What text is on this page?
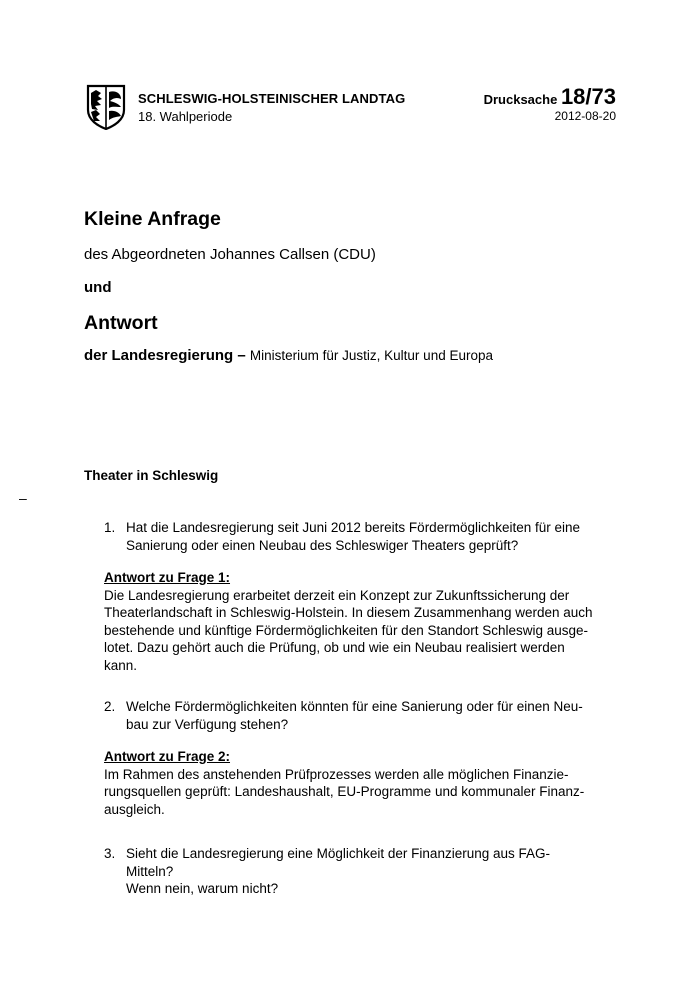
SCHLESWIG-HOLSTEINISCHER LANDTAG
18. Wahlperiode
Drucksache 18/73
2012-08-20
Kleine Anfrage
des Abgeordneten Johannes Callsen (CDU)
und
Antwort
der Landesregierung – Ministerium für Justiz, Kultur und Europa
Theater in Schleswig
–
1. Hat die Landesregierung seit Juni 2012 bereits Fördermöglichkeiten für eine
Sanierung oder einen Neubau des Schleswiger Theaters geprüft?
Antwort zu Frage 1:
Die Landesregierung erarbeitet derzeit ein Konzept zur Zukunftssicherung der
Theaterlandschaft in Schleswig-Holstein. In diesem Zusammenhang werden auch
bestehende und künftige Fördermöglichkeiten für den Standort Schleswig ausge-
lotet. Dazu gehört auch die Prüfung, ob und wie ein Neubau realisiert werden
kann.
2. Welche Fördermöglichkeiten könnten für eine Sanierung oder für einen Neu-
bau zur Verfügung stehen?
Antwort zu Frage 2:
Im Rahmen des anstehenden Prüfprozesses werden alle möglichen Finanzie-
rungsquellen geprüft: Landeshaushalt, EU-Programme und kommunaler Finanz-
ausgleich.
3. Sieht die Landesregierung eine Möglichkeit der Finanzierung aus FAG-
Mitteln?
Wenn nein, warum nicht?
